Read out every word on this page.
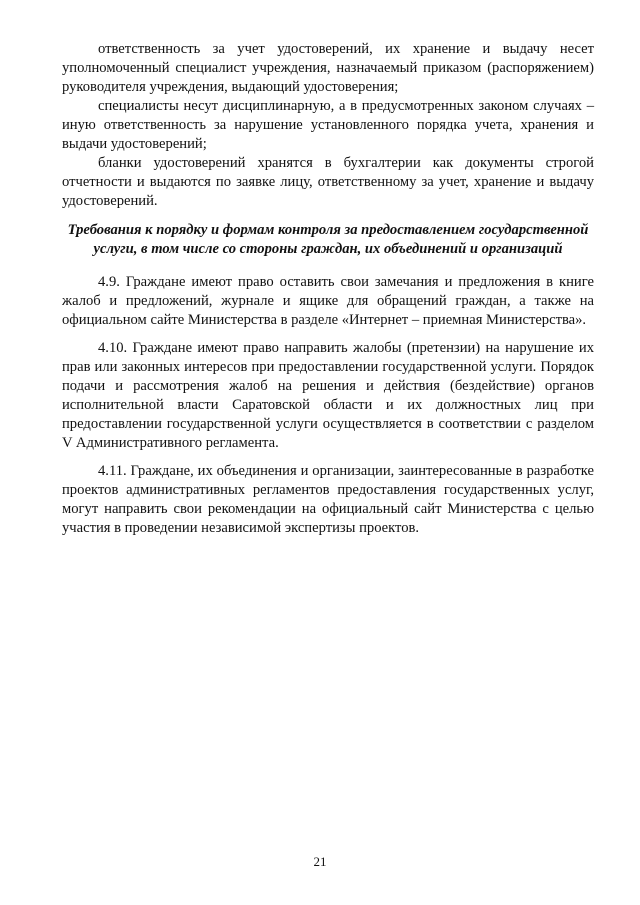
ответственность за учет удостоверений, их хранение и выдачу несет уполномоченный специалист учреждения, назначаемый приказом (распоряжением) руководителя учреждения, выдающий удостоверения;

специалисты несут дисциплинарную, а в предусмотренных законом случаях – иную ответственность за нарушение установленного порядка учета, хранения и выдачи удостоверений;

бланки удостоверений хранятся в бухгалтерии как документы строгой отчетности и выдаются по заявке лицу, ответственному за учет, хранение и выдачу удостоверений.

Требования к порядку и формам контроля за предоставлением государственной услуги, в том числе со стороны граждан, их объединений и организаций

4.9. Граждане имеют право оставить свои замечания и предложения в книге жалоб и предложений, журнале и ящике для обращений граждан, а также на официальном сайте Министерства в разделе «Интернет – приемная Министерства».

4.10. Граждане имеют право направить жалобы (претензии) на нарушение их прав или законных интересов при предоставлении государственной услуги. Порядок подачи и рассмотрения жалоб на решения и действия (бездействие) органов исполнительной власти Саратовской области и их должностных лиц при предоставлении государственной услуги осуществляется в соответствии с разделом V Административного регламента.

4.11. Граждане, их объединения и организации, заинтересованные в разработке проектов административных регламентов предоставления государственных услуг, могут направить свои рекомендации на официальный сайт Министерства с целью участия в проведении независимой экспертизы проектов.

21
